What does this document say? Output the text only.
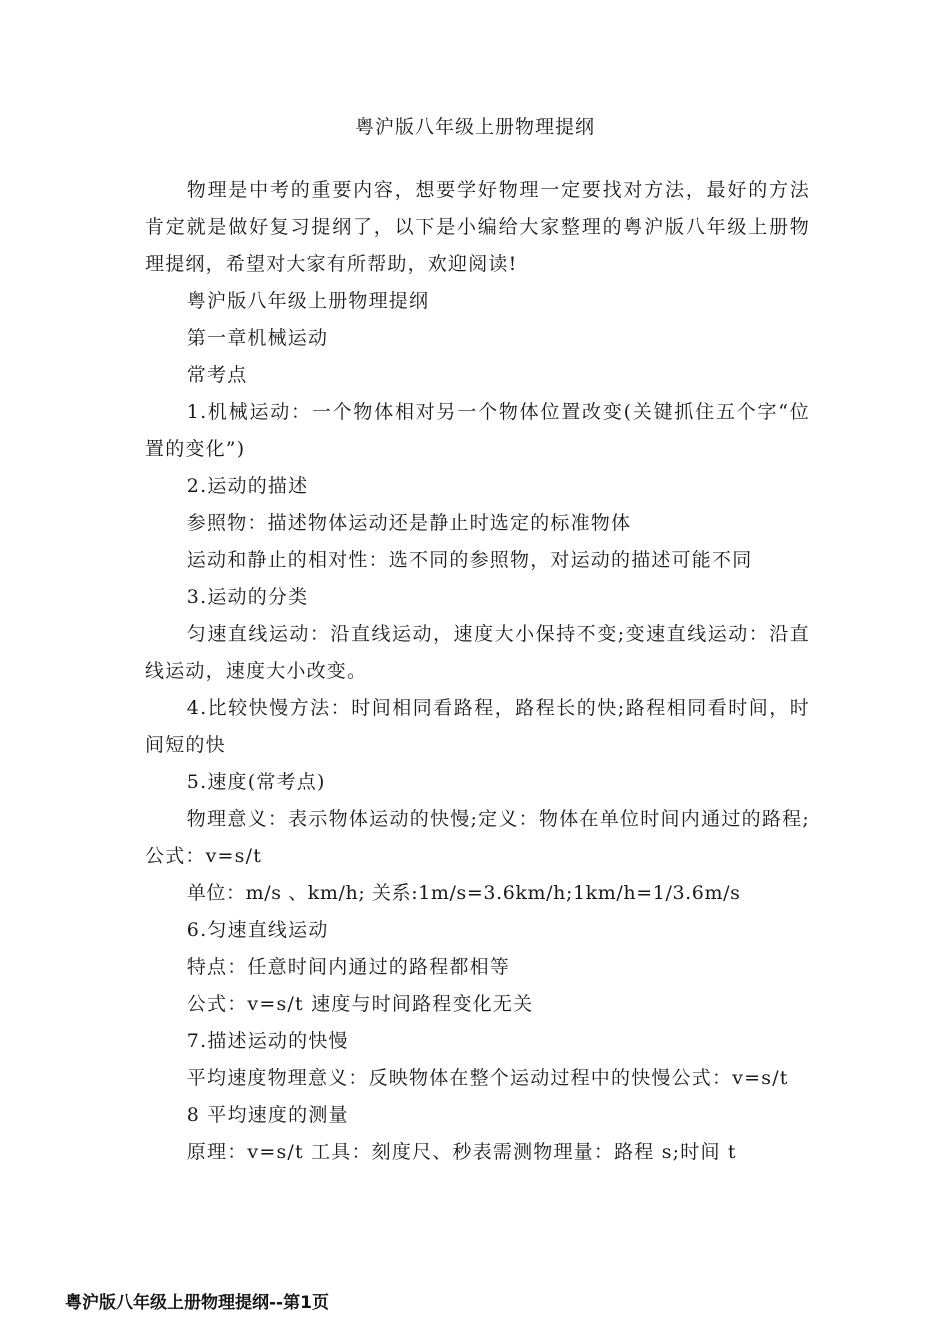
粤沪版八年级上册物理提纲

物理是中考的重要内容，想要学好物理一定要找对方法，最好的方法肯定就是做好复习提纲了，以下是小编给大家整理的粤沪版八年级上册物理提纲，希望对大家有所帮助，欢迎阅读!

粤沪版八年级上册物理提纲

第一章机械运动

常考点

1.机械运动：一个物体相对另一个物体位置改变(关键抓住五个字“位置的变化”)

2.运动的描述

参照物：描述物体运动还是静止时选定的标准物体

运动和静止的相对性：选不同的参照物，对运动的描述可能不同

3.运动的分类

匀速直线运动：沿直线运动，速度大小保持不变;变速直线运动：沿直线运动，速度大小改变。

4.比较快慢方法：时间相同看路程，路程长的快;路程相同看时间，时间短的快

5.速度(常考点)

物理意义：表示物体运动的快慢;定义：物体在单位时间内通过的路程;公式：v=s/t

单位：m/s 、km/h; 关系:1m/s=3.6km/h;1km/h=1/3.6m/s

6.匀速直线运动

特点：任意时间内通过的路程都相等

公式：v=s/t 速度与时间路程变化无关

7.描述运动的快慢

平均速度物理意义：反映物体在整个运动过程中的快慢公式：v=s/t

8 平均速度的测量

原理：v=s/t 工具：刻度尺、秒表需测物理量：路程 s;时间 t

粤沪版八年级上册物理提纲--第1页
